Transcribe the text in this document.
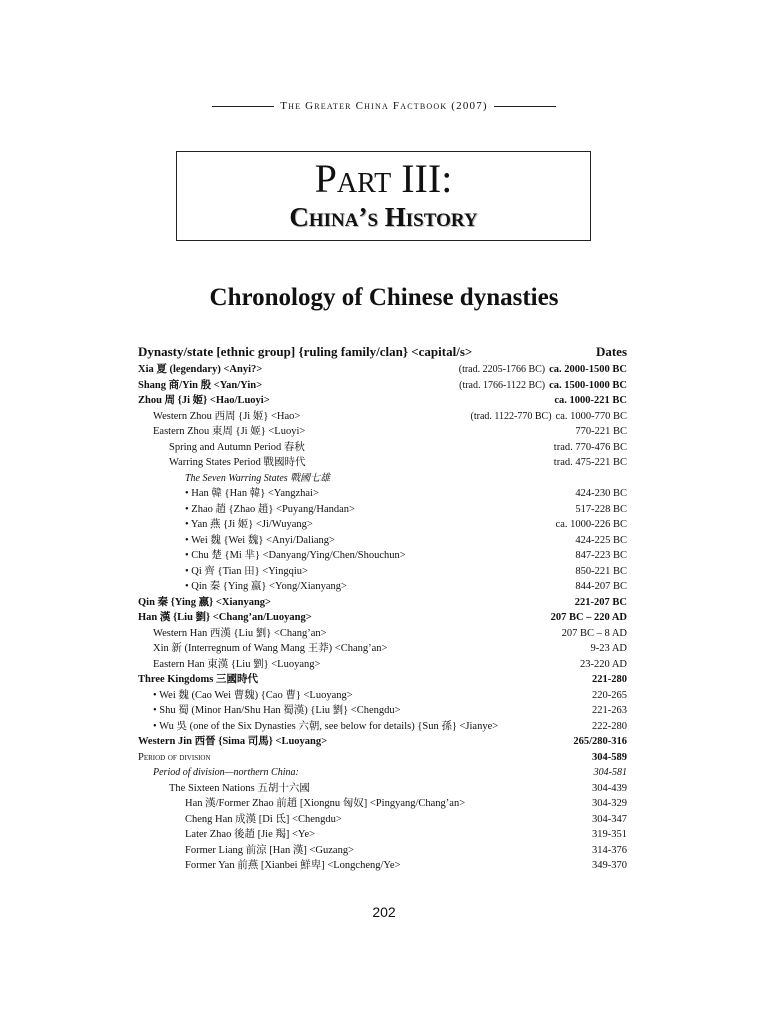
The Greater China Factbook (2007)
Part III:
China’s History
Chronology of Chinese dynasties
Dynasty/state [ethnic group] {ruling family/clan} <capital/s>	Dates
Xia 夏 (legendary) <Anyi?>	(trad. 2205-1766 BC) ca. 2000-1500 BC
Shang 商/Yin 殷 <Yan/Yin>	(trad. 1766-1122 BC) ca. 1500-1000 BC
Zhou 周 {Ji 姬} <Hao/Luoyi>	ca. 1000-221 BC
Western Zhou 西周 {Ji 姬} <Hao>	(trad. 1122-770 BC) ca. 1000-770 BC
Eastern Zhou 東周 {Ji 姬} <Luoyi>	770-221 BC
Spring and Autumn Period 春秋	trad. 770-476 BC
Warring States Period 戰國時代	trad. 475-221 BC
The Seven Warring States 戰國七雄
• Han 韓 {Han 韓} <Yangzhai>	424-230 BC
• Zhao 趙 {Zhao 趙} <Puyang/Handan>	517-228 BC
• Yan 燕 {Ji 姬} <Ji/Wuyang>	ca. 1000-226 BC
• Wei 魏 {Wei 魏} <Anyi/Daliang>	424-225 BC
• Chu 楚 {Mi 芈} <Danyang/Ying/Chen/Shouchun>	847-223 BC
• Qi 齊 {Tian 田} <Yingqiu>	850-221 BC
• Qin 秦 {Ying 嬴} <Yong/Xianyang>	844-207 BC
Qin 秦 {Ying 嬴} <Xianyang>	221-207 BC
Han 漢 {Liu 劉} <Chang’an/Luoyang>	207 BC – 220 AD
Western Han 西漢 {Liu 劉} <Chang’an>	207 BC – 8 AD
Xin 新 (Interregnum of Wang Mang 王莽) <Chang’an>	9-23 AD
Eastern Han 東漢 {Liu 劉} <Luoyang>	23-220 AD
Three Kingdoms 三國時代	221-280
• Wei 魏 (Cao Wei 曹魏) {Cao 曹} <Luoyang>	220-265
• Shu 蜀 (Minor Han/Shu Han 蜀漢) {Liu 劉} <Chengdu>	221-263
• Wu 吳 (one of the Six Dynasties 六朝, see below for details) {Sun 孫} <Jianye>	222-280
Western Jin 西晉 {Sima 司馬} <Luoyang>	265/280-316
Period of division	304-589
Period of division—northern China:	304-581
The Sixteen Nations 五胡十六國	304-439
Han 漢/Former Zhao 前趙 [Xiongnu 匈奴] <Pingyang/Chang’an>	304-329
Cheng Han 成漢 [Di 氐] <Chengdu>	304-347
Later Zhao 後趙 [Jie 羯] <Ye>	319-351
Former Liang 前涼 [Han 漢] <Guzang>	314-376
Former Yan 前燕 [Xianbei 鮮卑] <Longcheng/Ye>	349-370
202
